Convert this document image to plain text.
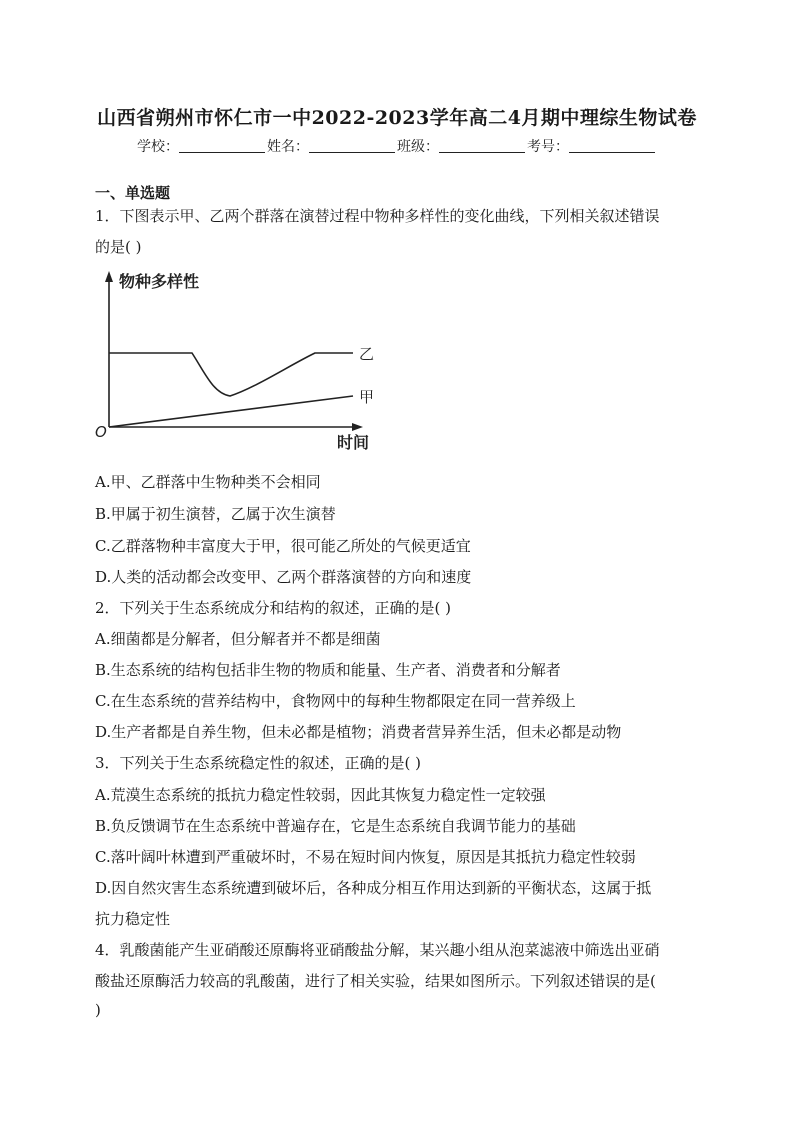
山西省朔州市怀仁市一中2022-2023学年高二4月期中理综生物试卷
学校：	姓名：	班级：	考号：
一、单选题
1．下图表示甲、乙两个群落在演替过程中物种多样性的变化曲线，下列相关叙述错误
的是( )
物种多样性
时间
O
乙
甲
A.甲、乙群落中生物种类不会相同
B.甲属于初生演替，乙属于次生演替
C.乙群落物种丰富度大于甲，很可能乙所处的气候更适宜
D.人类的活动都会改变甲、乙两个群落演替的方向和速度
2．下列关于生态系统成分和结构的叙述，正确的是( )
A.细菌都是分解者，但分解者并不都是细菌
B.生态系统的结构包括非生物的物质和能量、生产者、消费者和分解者
C.在生态系统的营养结构中，食物网中的每种生物都限定在同一营养级上
D.生产者都是自养生物，但未必都是植物；消费者营异养生活，但未必都是动物
3．下列关于生态系统稳定性的叙述，正确的是( )
A.荒漠生态系统的抵抗力稳定性较弱，因此其恢复力稳定性一定较强
B.负反馈调节在生态系统中普遍存在，它是生态系统自我调节能力的基础
C.落叶阔叶林遭到严重破坏时，不易在短时间内恢复，原因是其抵抗力稳定性较弱
D.因自然灾害生态系统遭到破坏后，各种成分相互作用达到新的平衡状态，这属于抵
抗力稳定性
4．乳酸菌能产生亚硝酸还原酶将亚硝酸盐分解，某兴趣小组从泡菜滤液中筛选出亚硝
酸盐还原酶活力较高的乳酸菌，进行了相关实验，结果如图所示。下列叙述错误的是(
)
